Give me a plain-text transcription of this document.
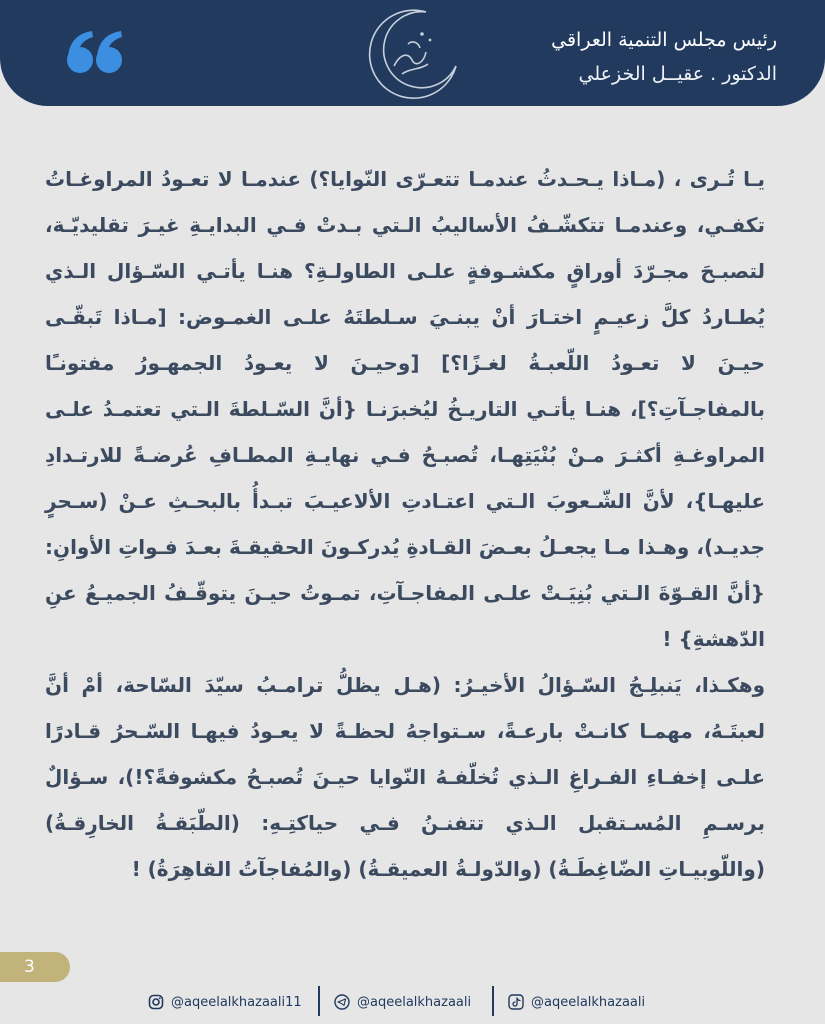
رئيس مجلس التنمية العراقي
الدكتور . عقيــل الخزعلي

يـا تُـرى ، (مـاذا يـحـدثُ عندمـا تتعـرّى النّوايا؟) عندمـا لا تعـودُ المراوغـاتُ تكفـي، وعندمـا تتكشّـفُ الأساليبُ الـتي بـدتْ فـي البدايـةِ غيـرَ تقليديّـة، لتصبـحَ مجـرّدَ أوراقٍ مكشـوفةٍ علـى الطاولـةِ؟ هنـا يأتـي السّـؤال الـذي يُطـاردُ كلَّ زعيـمٍ اختـارَ أنْ يبنـيَ سـلطتَهُ علـى الغمـوض: [مـاذا تَبقّـى حيـنَ لا تعـودُ اللّعبـةُ لغـزًا؟] [وحيـنَ لا يعـودُ الجمهـورُ مفتونـًا بالمفاجـآتِ؟]، هنـا يأتـي التاريـخُ ليُخبرَنـا {أنَّ السّـلطةَ الـتي تعتمـدُ علـى المراوغـةِ أكثـرَ مـنْ بُنْيَتِهـا، تُصبـحُ فـي نهايـةِ المطـافِ عُرضـةً للارتـدادِ عليهـا}، لأنَّ الشّـعوبَ الـتي اعتـادتِ الألاعيـبَ تبـدأُ بالبحـثِ عـنْ (سـحرٍ جديـد)، وهـذا مـا يجعـلُ بعـضَ القـادةِ يُدركـونَ الحقيقـةَ بعـدَ فـواتِ الأوانِ: {أنَّ القـوّةَ الـتي بُنِيَـتْ علـى المفاجـآتِ، تمـوتُ حيـنَ يتوقّـفُ الجميـعُ عنِ الدّهشةِ} !

وهكـذا، يَنبلِـجُ السّـؤالُ الأخيـرُ: (هـل يظلُّ ترامـبُ سيّدَ السّاحة، أمْ أنَّ لعبتَـهُ، مهمـا كانـتْ بارعـةً، سـتواجهُ لحظـةً لا يعـودُ فيهـا السّـحرُ قـادرًا علـى إخفـاءِ الفـراغِ الـذي تُخلّفـهُ النّوايا حيـنَ تُصبـحُ مكشوفةً؟!)، سـؤالٌ برسـمِ المُسـتقبل الـذي تتفنـنُ فـي حياكتِـهِ: (الطّبَقـةُ الخارِقـةُ) (واللّوبيـاتِ الضّاغِطَـةُ) (والدّولـةُ العميقـةُ) (والمُفاجآتُ القاهِرَةُ) !

3
@aqeelalkhazaali11	@aqeelalkhazaali	@aqeelalkhazaali
